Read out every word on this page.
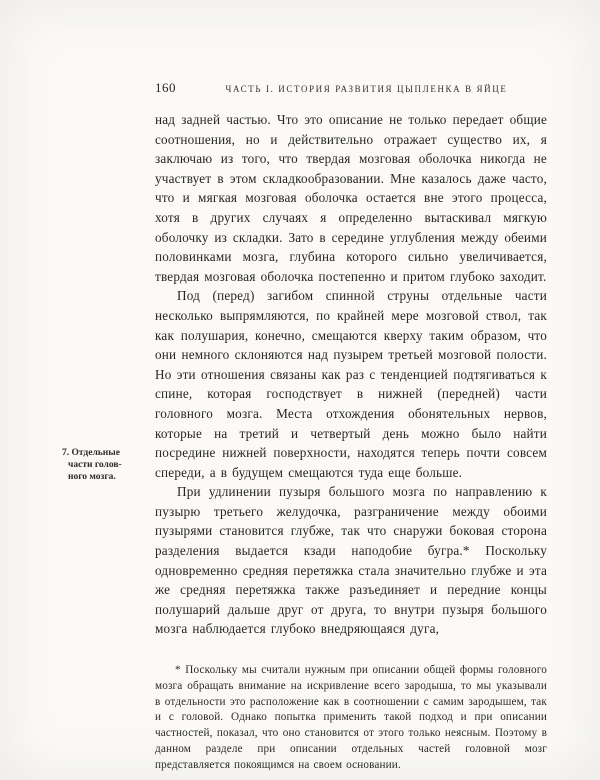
7. Отдельные
части голов-
ного мозга.
160	ЧАСТЬ I. ИСТОРИЯ РАЗВИТИЯ ЦЫПЛЕНКА В ЯЙЦЕ

над задней частью. Что это описание не только передает общие соотношения, но и действительно отражает существо их, я заключаю из того, что твердая мозговая оболочка никогда не участвует в этом складкообразовании. Мне казалось даже часто, что и мягкая мозговая оболочка остается вне этого процесса, хотя в других случаях я определенно вытаскивал мягкую оболочку из складки. Зато в середине углубления между обеими половинками мозга, глубина которого сильно увеличивается, твердая мозговая оболочка постепенно и притом глубоко заходит.

Под (перед) загибом спинной струны отдельные части несколько выпрямляются, по крайней мере мозговой ствол, так как полушария, конечно, смещаются кверху таким образом, что они немного склоняются над пузырем третьей мозговой полости. Но эти отношения связаны как раз с тенденцией подтягиваться к спине, которая господствует в нижней (передней) части головного мозга. Места отхождения обонятельных нервов, которые на третий и четвертый день можно было найти посредине нижней поверхности, находятся теперь почти совсем спереди, а в будущем смещаются туда еще больше.

При удлинении пузыря большого мозга по направлению к пузырю третьего желудочка, разграничение между обоими пузырями становится глубже, так что снаружи боковая сторона разделения выдается кзади наподобие бугра.* Поскольку одновременно средняя перетяжка стала значительно глубже и эта же средняя перетяжка также разъединяет и передние концы полушарий дальше друг от друга, то внутри пузыря большого мозга наблюдается глубоко внедряющаяся дуга,

* Поскольку мы считали нужным при описании общей формы головного мозга обращать внимание на искривление всего зародыша, то мы указывали в отдельности это расположение как в соотношении с самим зародышем, так и с головой. Однако попытка применить такой подход и при описании частностей, показал, что оно становится от этого только неясным. Поэтому в данном разделе при описании отдельных частей головной мозг представляется покоящимся на своем основании.
